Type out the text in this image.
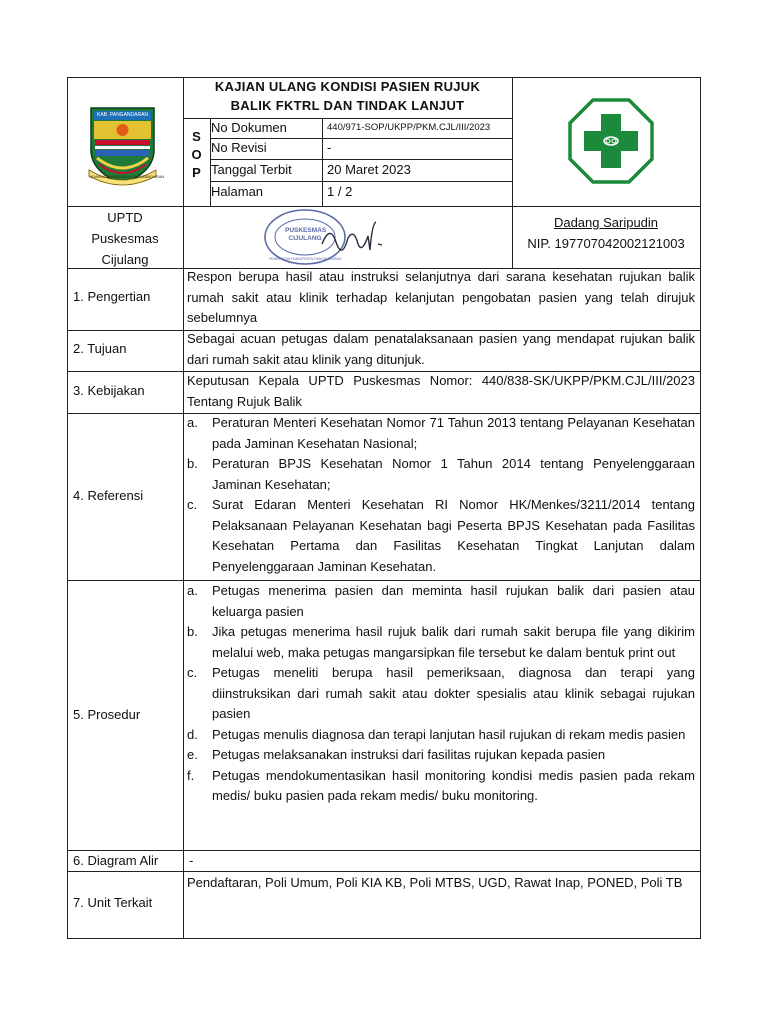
KAB. PANGANDARAN
NGAHIJI NGAWANGUN PANGANDARAN
KAJIAN ULANG KONDISI PASIEN RUJUK
BALIK FKTRL DAN TINDAK LANJUT
S
O
P
No Dokumen	440/971-SOP/UKPP/PKM.CJL/III/2023
No Revisi	-
Tanggal Terbit	20 Maret 2023
Halaman	1 / 2
UPTD
Puskesmas
Cijulang
PUSKESMAS CIJULANG
PEMERINTAH KABUPATEN PANGANDARAN
Dadang Saripudin
NIP. 197707042002121003
1. Pengertian
Respon berupa hasil atau instruksi selanjutnya dari sarana kesehatan rujukan balik rumah sakit atau klinik terhadap kelanjutan pengobatan pasien yang telah dirujuk sebelumnya
2. Tujuan
Sebagai acuan petugas dalam penatalaksanaan pasien yang mendapat rujukan balik dari rumah sakit atau klinik yang ditunjuk.
3. Kebijakan
Keputusan Kepala UPTD Puskesmas Nomor: 440/838-SK/UKPP/PKM.CJL/III/2023 Tentang Rujuk Balik
4. Referensi
a. Peraturan Menteri Kesehatan Nomor 71 Tahun 2013 tentang Pelayanan Kesehatan pada Jaminan Kesehatan Nasional;
b. Peraturan BPJS Kesehatan Nomor 1 Tahun 2014 tentang Penyelenggaraan Jaminan Kesehatan;
c. Surat Edaran Menteri Kesehatan RI Nomor HK/Menkes/3211/2014 tentang Pelaksanaan Pelayanan Kesehatan bagi Peserta BPJS Kesehatan pada Fasilitas Kesehatan Pertama dan Fasilitas Kesehatan Tingkat Lanjutan dalam Penyelenggaraan Jaminan Kesehatan.
5. Prosedur
a. Petugas menerima pasien dan meminta hasil rujukan balik dari pasien atau keluarga pasien
b. Jika petugas menerima hasil rujuk balik dari rumah sakit berupa file yang dikirim melalui web, maka petugas mangarsipkan file tersebut ke dalam bentuk print out
c. Petugas meneliti berupa hasil pemeriksaan, diagnosa dan terapi yang diinstruksikan dari rumah sakit atau dokter spesialis atau klinik sebagai rujukan pasien
d. Petugas menulis diagnosa dan terapi lanjutan hasil rujukan di rekam medis pasien
e. Petugas melaksanakan instruksi dari fasilitas rujukan kepada pasien
f. Petugas mendokumentasikan hasil monitoring kondisi medis pasien pada rekam medis/ buku pasien pada rekam medis/ buku monitoring.
6. Diagram Alir -
7. Unit Terkait
Pendaftaran, Poli Umum, Poli KIA KB, Poli MTBS, UGD, Rawat Inap, PONED, Poli TB
